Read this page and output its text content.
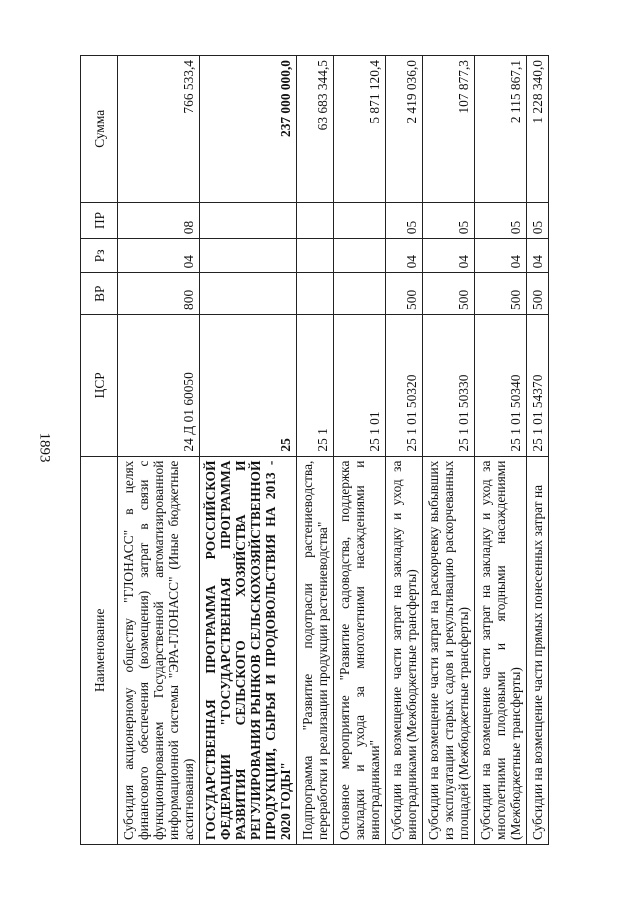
1893
Наименование	ЦСР	ВР	Рз	ПР	Сумма
Субсидия акционерному обществу "ГЛОНАСС" в целях финансового обеспечения (возмещения) затрат в связи с функционированием Государственной автоматизированной информационной системы "ЭРА-ГЛОНАСС" (Иные бюджетные ассигнования)	24 Д 01 60050	800	04	08	766 533,4
ГОСУДАРСТВЕННАЯ ПРОГРАММА РОССИЙСКОЙ ФЕДЕРАЦИИ "ГОСУДАРСТВЕННАЯ ПРОГРАММА РАЗВИТИЯ СЕЛЬСКОГО ХОЗЯЙСТВА И РЕГУЛИРОВАНИЯ РЫНКОВ СЕЛЬСКОХОЗЯЙСТВЕННОЙ ПРОДУКЦИИ, СЫРЬЯ И ПРОДОВОЛЬСТВИЯ НА 2013 - 2020 ГОДЫ"	25				237 000 000,0
Подпрограмма "Развитие подотрасли растениеводства, переработки и реализации продукции растениеводства"	25 1				63 683 344,5
Основное мероприятие "Развитие садоводства, поддержка закладки и ухода за многолетними насаждениями и виноградниками"	25 1 01				5 871 120,4
Субсидии на возмещение части затрат на закладку и уход за виноградниками (Межбюджетные трансферты)	25 1 01 50320	500	04	05	2 419 036,0
Субсидии на возмещение части затрат на раскорчевку выбывших из эксплуатации старых садов и рекультивацию раскорчеванных площадей (Межбюджетные трансферты)	25 1 01 50330	500	04	05	107 877,3
Субсидии на возмещение части затрат на закладку и уход за многолетними плодовыми и ягодными насаждениями (Межбюджетные трансферты)	25 1 01 50340	500	04	05	2 115 867,1
Субсидии на возмещение части прямых понесенных затрат на	25 1 01 54370	500	04	05	1 228 340,0
